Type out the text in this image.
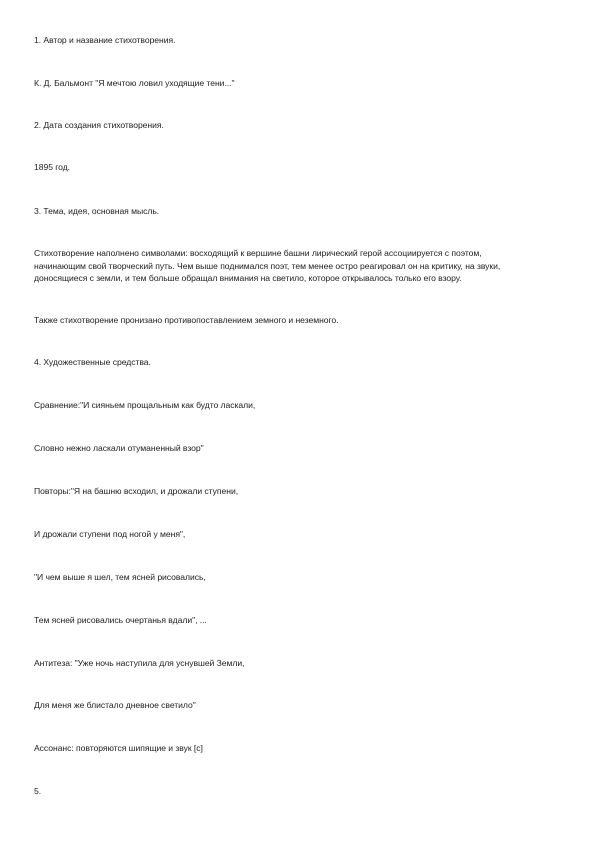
1. Автор и название стихотворения.
К. Д. Бальмонт "Я мечтою ловил уходящие тени..."
2. Дата создания стихотворения.
1895 год.
3. Тема, идея, основная мысль.
Стихотворение наполнено символами: восходящий к вершине башни лирический герой ассоциируется с поэтом,
начинающим свой творческий путь. Чем выше поднимался поэт, тем менее остро реагировал он на критику, на звуки,
доносящиеся с земли, и тем больше обращал внимания на светило, которое открывалось только его взору.
Также стихотворение пронизано противопоставлением земного и неземного.
4. Художественные средства.
Сравнение:"И сияньем прощальным как будто ласкали,
Словно нежно ласкали отуманенный взор"
Повторы:"Я на башню всходил, и дрожали ступени,
И дрожали ступени под ногой у меня",
"И чем выше я шел, тем ясней рисовались,
Тем ясней рисовались очертанья вдали", ...
Антитеза: "Уже ночь наступила для уснувшей Земли,
Для меня же блистало дневное светило"
Ассонанс: повторяются шипящие и звук [с]
5.
